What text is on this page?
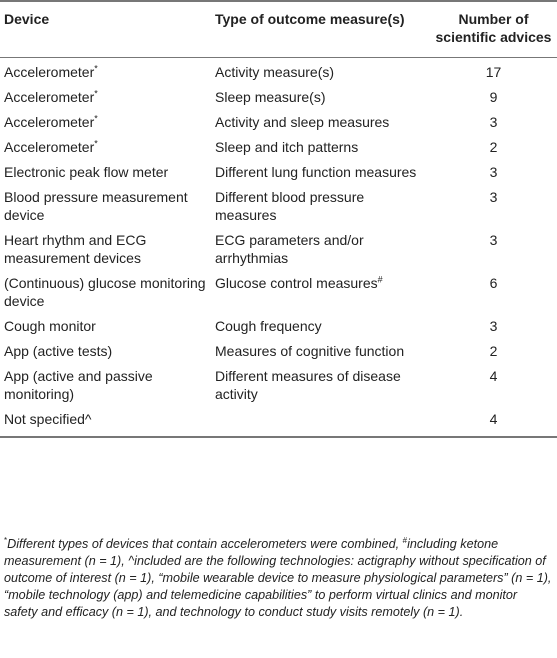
Device	Type of outcome measure(s)	Number of scientific advices
Accelerometer*	Activity measure(s)	17
Accelerometer*	Sleep measure(s)	9
Accelerometer*	Activity and sleep measures	3
Accelerometer*	Sleep and itch patterns	2
Electronic peak flow meter	Different lung function measures	3
Blood pressure measurement device	Different blood pressure measures	3
Heart rhythm and ECG measurement devices	ECG parameters and/or arrhythmias	3
(Continuous) glucose monitoring device	Glucose control measures#	6
Cough monitor	Cough frequency	3
App (active tests)	Measures of cognitive function	2
App (active and passive monitoring)	Different measures of disease activity	4
Not specified^		4
*Different types of devices that contain accelerometers were combined, #including ketone measurement (n = 1), ^included are the following technologies: actigraphy without specification of outcome of interest (n = 1), “mobile wearable device to measure physiological parameters” (n = 1), “mobile technology (app) and telemedicine capabilities” to perform virtual clinics and monitor safety and efficacy (n = 1), and technology to conduct study visits remotely (n = 1).
